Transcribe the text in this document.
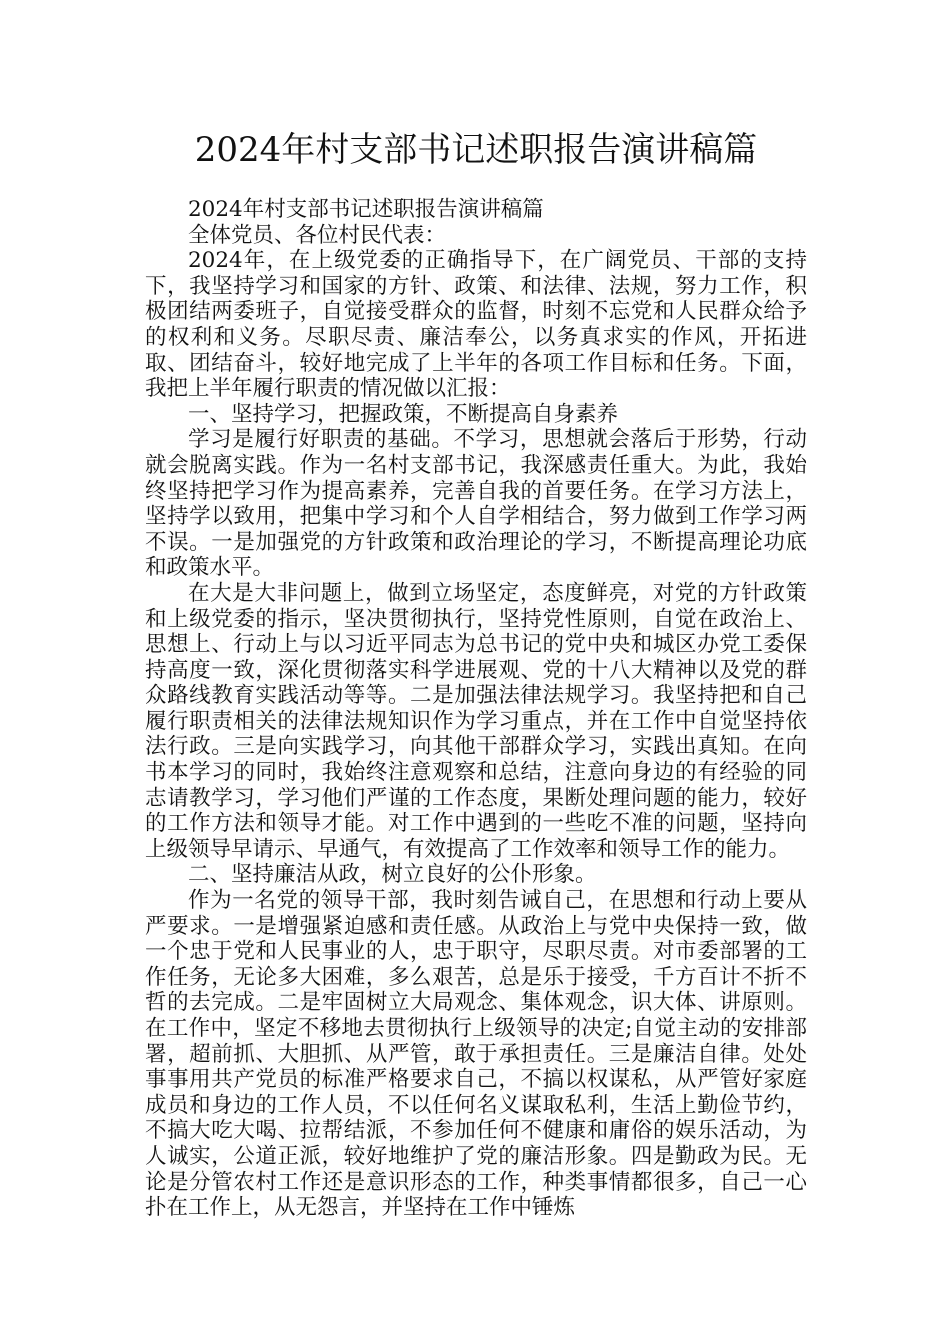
2024年村支部书记述职报告演讲稿篇

2024年村支部书记述职报告演讲稿篇

全体党员、各位村民代表：

2024年，在上级党委的正确指导下，在广阔党员、干部的支持下，我坚持学习和国家的方针、政策、和法律、法规，努力工作，积极团结两委班子，自觉接受群众的监督，时刻不忘党和人民群众给予的权利和义务。尽职尽责、廉洁奉公，以务真求实的作风，开拓进取、团结奋斗，较好地完成了上半年的各项工作目标和任务。下面，我把上半年履行职责的情况做以汇报：

一、坚持学习，把握政策，不断提高自身素养

学习是履行好职责的基础。不学习，思想就会落后于形势，行动就会脱离实践。作为一名村支部书记，我深感责任重大。为此，我始终坚持把学习作为提高素养，完善自我的首要任务。在学习方法上，坚持学以致用，把集中学习和个人自学相结合，努力做到工作学习两不误。一是加强党的方针政策和政治理论的学习，不断提高理论功底和政策水平。

在大是大非问题上，做到立场坚定，态度鲜亮，对党的方针政策和上级党委的指示，坚决贯彻执行，坚持党性原则，自觉在政治上、思想上、行动上与以习近平同志为总书记的党中央和城区办党工委保持高度一致，深化贯彻落实科学进展观、党的十八大精神以及党的群众路线教育实践活动等等。二是加强法律法规学习。我坚持把和自己履行职责相关的法律法规知识作为学习重点，并在工作中自觉坚持依法行政。三是向实践学习，向其他干部群众学习，实践出真知。在向书本学习的同时，我始终注意观察和总结，注意向身边的有经验的同志请教学习，学习他们严谨的工作态度，果断处理问题的能力，较好的工作方法和领导才能。对工作中遇到的一些吃不准的问题，坚持向上级领导早请示、早通气，有效提高了工作效率和领导工作的能力。

二、坚持廉洁从政，树立良好的公仆形象。

作为一名党的领导干部，我时刻告诫自己，在思想和行动上要从严要求。一是增强紧迫感和责任感。从政治上与党中央保持一致，做一个忠于党和人民事业的人，忠于职守，尽职尽责。对市委部署的工作任务，无论多大困难，多么艰苦，总是乐于接受，千方百计不折不哲的去完成。二是牢固树立大局观念、集体观念，识大体、讲原则。在工作中，坚定不移地去贯彻执行上级领导的决定;自觉主动的安排部署，超前抓、大胆抓、从严管，敢于承担责任。三是廉洁自律。处处事事用共产党员的标准严格要求自己，不搞以权谋私，从严管好家庭成员和身边的工作人员，不以任何名义谋取私利，生活上勤俭节约，不搞大吃大喝、拉帮结派，不参加任何不健康和庸俗的娱乐活动，为人诚实，公道正派，较好地维护了党的廉洁形象。四是勤政为民。无论是分管农村工作还是意识形态的工作，种类事情都很多，自己一心扑在工作上，从无怨言，并坚持在工作中锤炼
